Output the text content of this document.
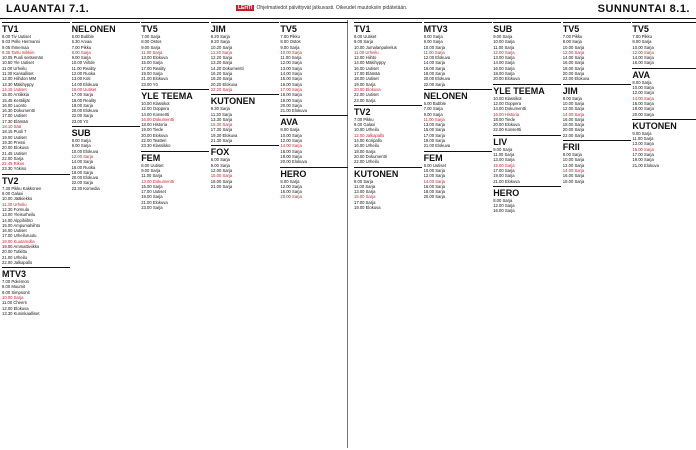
LAUANTAI 7.1.	LEHTI Ohjelmatiedot päivittyvät jatkuvasti. Oikeudet muutoksiin pidätetään.	SUNNUNTAI 8.1.
TV1
8.00 Tiv Uutiset
8.03 Pelle Hermanni
9.05 Ihmemaa
9.35 Tartu mikkiin
10.05 Puoli seitsemän
10.50 Yle Uutiset
11.00 Urheilu
11.30 Kansalliset
12.00 Hiihdon MM
13.30 Mäkihyppy
14.15 Uutiset
15.00 Antiikkia
15.45 Keräilijät
16.00 Luonto
16.30 Dokumentti
17.00 Uutiset
17.30 Elämää
18.10 Sää
18.15 Puoli 7
19.00 Uutiset
19.30 Pressi
20.00 Elokuva
21.45 Uutiset
22.00 Sarja
22.45 Rikos
23.30 Yökino
TV2
7.30 Pikku Kakkonen
9.00 Galaxi
10.00 Jääkiekko
11.30 Urheilu
12.30 Formula
13.00 Yleisurheilu
14.00 Alppihiihto
15.00 Ampumahiihto
16.00 Uutiset
17.00 Urheiluruutu
18.00 Kuutamolla
19.00 Ammattiviikko
20.00 Tutkittu
21.00 Urheilu
22.00 Jalkapallo
MTV3
7.00 Pokémon
8.00 Muumit
9.00 Simpsonit
10.00 Sarja
11.00 Cheers
12.00 Elokuva
13.30 Kuninkaalliset
NELONEN
6.00 Bubble
6.30 Arvaa
7.00 Pikku
8.00 Sarja
9.00 Sarja
10.00 Viihde
11.00 Reality
12.00 Ruoka
13.00 Koti
14.00 Elokuva
16.00 Uutiset
17.00 Sarja
18.00 Reality
19.00 Sarja
20.00 Elokuva
22.00 Sarja
23.00 Yö
SUB
8.00 Sarja
9.00 Sarja
10.00 Elokuva
12.00 Sarja
14.00 Sarja
16.00 Ruoka
18.00 Sarja
20.00 Elokuva
22.00 Sarja
23.30 Komedia
TV5
7.00 Sarja
8.00 Ostos
9.00 Sarja
11.00 Sarja
13.00 Elokuva
15.00 Sarja
17.00 Reality
19.00 Sarja
21.00 Elokuva
23.00 Yö
YLE TEEMA
10.00 Klassikot
12.00 Ooppera
14.00 Konsertti
16.00 Dokumentti
18.00 Historia
19.00 Tiede
20.00 Elokuva
22.00 Teatteri
23.30 Klassikko
FEM
8.00 Uutiset
9.00 Sarja
11.00 Sarja
13.00 Dokumentti
15.00 Sarja
17.00 Uutiset
19.00 Sarja
21.00 Elokuva
23.00 Sarja
JIM
8.20 Sarja
9.20 Sarja
10.20 Sarja
11.20 Sarja
12.20 Sarja
13.20 Sarja
14.20 Dokumentti
16.20 Sarja
18.20 Sarja
20.20 Elokuva
22.20 Sarja
KUTONEN
9.30 Sarja
11.30 Sarja
13.30 Sarja
15.30 Sarja
17.30 Sarja
19.30 Elokuva
21.30 Sarja
FOX
6.00 Sarja
9.00 Sarja
12.00 Sarja
15.00 Sarja
18.00 Sarja
21.00 Sarja
TV5
7.00 Pikku
8.00 Ostos
9.00 Sarja
10.00 Sarja
11.00 Sarja
12.00 Sarja
13.00 Sarja
14.00 Sarja
15.00 Sarja
16.00 Sarja
17.00 Sarja
18.00 Sarja
19.00 Sarja
20.00 Sarja
21.00 Elokuva
AVA
8.00 Sarja
10.00 Sarja
12.00 Sarja
14.00 Sarja
16.00 Sarja
18.00 Sarja
20.00 Elokuva
HERO
8.00 Sarja
12.00 Sarja
16.00 Sarja
20.00 Sarja
TV1
8.00 Uutiset
9.00 Sarja
10.00 Jumalanpalvelus
11.00 Urheilu
12.00 Hiihto
14.00 Mäkihyppy
16.00 Uutiset
17.00 Elämää
18.00 Uutiset
19.00 Sarja
20.00 Elokuva
22.00 Uutiset
23.00 Sarja
TV2
7.00 Pikku
9.00 Galaxi
10.00 Urheilu
12.00 Jalkapallo
14.00 Koripallo
16.00 Urheilu
18.00 Sarja
20.00 Dokumentti
22.00 Urheilu
KUTONEN
9.00 Sarja
11.00 Sarja
13.00 Sarja
15.00 Sarja
17.00 Sarja
19.00 Elokuva
MTV3
8.00 Sarja
9.00 Sarja
10.00 Sarja
11.00 Sarja
12.00 Elokuva
14.00 Sarja
16.00 Sarja
18.00 Sarja
20.00 Elokuva
22.00 Sarja
NELONEN
6.00 Bubble
7.00 Sarja
9.00 Sarja
11.00 Sarja
13.00 Sarja
15.00 Sarja
17.00 Sarja
19.00 Sarja
21.00 Elokuva
FEM
8.00 Uutiset
10.00 Sarja
12.00 Sarja
14.00 Sarja
16.00 Sarja
18.00 Sarja
20.00 Sarja
SUB
9.00 Sarja
10.00 Sarja
11.00 Sarja
12.00 Sarja
13.00 Sarja
14.00 Sarja
16.00 Sarja
18.00 Sarja
20.00 Elokuva
YLE TEEMA
10.00 Klassikot
12.00 Ooppera
14.00 Dokumentti
16.00 Historia
18.00 Tiede
20.00 Elokuva
22.00 Konsertti
LIV
9.00 Sarja
11.00 Sarja
13.00 Sarja
15.00 Sarja
17.00 Sarja
19.00 Sarja
21.00 Elokuva
HERO
8.00 Sarja
12.00 Sarja
16.00 Sarja
TV5
7.00 Pikku
8.00 Sarja
10.00 Sarja
12.00 Sarja
14.00 Sarja
16.00 Sarja
18.00 Sarja
20.00 Sarja
22.00 Elokuva
JIM
8.00 Sarja
10.00 Sarja
12.00 Sarja
14.00 Sarja
16.00 Sarja
18.00 Sarja
20.00 Sarja
22.00 Sarja
FRII
8.00 Sarja
10.00 Sarja
12.00 Sarja
14.00 Sarja
16.00 Sarja
18.00 Sarja
TV5
7.00 Pikku
8.00 Sarja
10.00 Sarja
12.00 Sarja
14.00 Sarja
16.00 Sarja
AVA
8.00 Sarja
10.00 Sarja
12.00 Sarja
14.00 Sarja
16.00 Sarja
18.00 Sarja
20.00 Sarja
KUTONEN
9.00 Sarja
11.00 Sarja
13.00 Sarja
15.00 Sarja
17.00 Sarja
19.00 Sarja
21.00 Elokuva
